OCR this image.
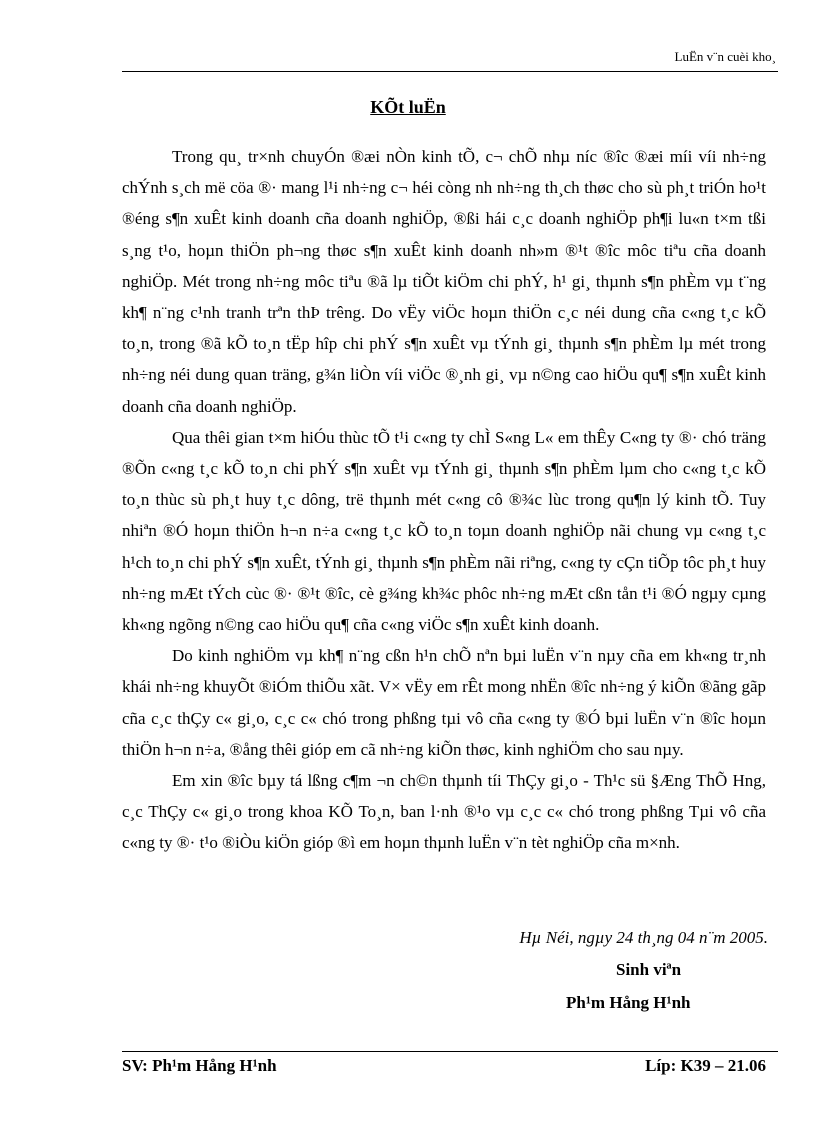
LuËn v¨n cuèi kho¸
KÕt luËn

Trong qu¸ tr×nh chuyÓn ®æi nÒn kinh tÕ, c¬ chÕ nhµ níc ®îc ®æi míi víi nh÷ng chÝnh s¸ch më cöa ®· mang l¹i nh÷ng c¬ héi còng nh nh÷ng th¸ch thøc cho sù ph¸t triÓn ho¹t ®éng s¶n xuÊt kinh doanh cña doanh nghiÖp, ®ßi hái c¸c doanh nghiÖp ph¶i lu«n t×m tßi s¸ng t¹o, hoµn thiÖn ph¬ng thøc s¶n xuÊt kinh doanh nh»m ®¹t ®îc môc tiªu cña doanh nghiÖp. Mét trong nh÷ng môc tiªu ®ã lµ tiÕt kiÖm chi phÝ, h¹ gi¸ thµnh s¶n phÈm vµ t¨ng kh¶ n¨ng c¹nh tranh trªn thÞ trêng. Do vËy viÖc hoµn thiÖn c¸c néi dung cña c«ng t¸c kÕ to¸n, trong ®ã kÕ to¸n tËp hîp chi phÝ s¶n xuÊt vµ tÝnh gi¸ thµnh s¶n phÈm lµ mét trong nh÷ng néi dung quan träng, g¾n liÒn víi viÖc ®¸nh gi¸ vµ n©ng cao hiÖu qu¶ s¶n xuÊt kinh doanh cña doanh nghiÖp.

Qua thêi gian t×m hiÓu thùc tÕ t¹i c«ng ty chÌ S«ng L« em thÊy C«ng ty ®· chó träng ®Õn c«ng t¸c kÕ to¸n chi phÝ s¶n xuÊt vµ tÝnh gi¸ thµnh s¶n phÈm lµm cho c«ng t¸c kÕ to¸n thùc sù ph¸t huy t¸c dông, trë thµnh mét c«ng cô ®¾c lùc trong qu¶n lý kinh tÕ. Tuy nhiªn ®Ó hoµn thiÖn h¬n n÷a c«ng t¸c kÕ to¸n toµn doanh nghiÖp nãi chung vµ c«ng t¸c h¹ch to¸n chi phÝ s¶n xuÊt, tÝnh gi¸ thµnh s¶n phÈm nãi riªng, c«ng ty cÇn tiÕp tôc ph¸t huy nh÷ng mÆt tÝch cùc ®· ®¹t ®îc, cè g¾ng kh¾c phôc nh÷ng mÆt cßn tån t¹i ®Ó ngµy cµng kh«ng ngõng n©ng cao hiÖu qu¶ cña c«ng viÖc s¶n xuÊt kinh doanh.

Do kinh nghiÖm vµ kh¶ n¨ng cßn h¹n chÕ nªn bµi luËn v¨n nµy cña em kh«ng tr¸nh khái nh÷ng khuyÕt ®iÓm thiÕu xãt. V× vËy em rÊt mong nhËn ®îc nh÷ng ý kiÕn ®ãng gãp cña c¸c thÇy c« gi¸o, c¸c c« chó trong phßng tµi vô cña c«ng ty ®Ó bµi luËn v¨n ®îc hoµn thiÖn h¬n n÷a, ®ång thêi gióp em cã nh÷ng kiÕn thøc, kinh nghiÖm cho sau nµy.

Em xin ®îc bµy tá lßng c¶m ¬n ch©n thµnh tíi ThÇy gi¸o - Th¹c sü §Æng ThÕ Hng, c¸c ThÇy c« gi¸o trong khoa KÕ To¸n, ban l·nh ®¹o vµ c¸c c« chó trong phßng Tµi vô cña c«ng ty ®· t¹o ®iÒu kiÖn gióp ®ì em hoµn thµnh luËn v¨n tèt nghiÖp cña m×nh.

Hµ Néi, ngµy 24 th¸ng 04 n¨m 2005.
Sinh viªn
Ph¹m Hång H¹nh
SV: Ph¹m Hång H¹nh	Líp: K39 – 21.06
